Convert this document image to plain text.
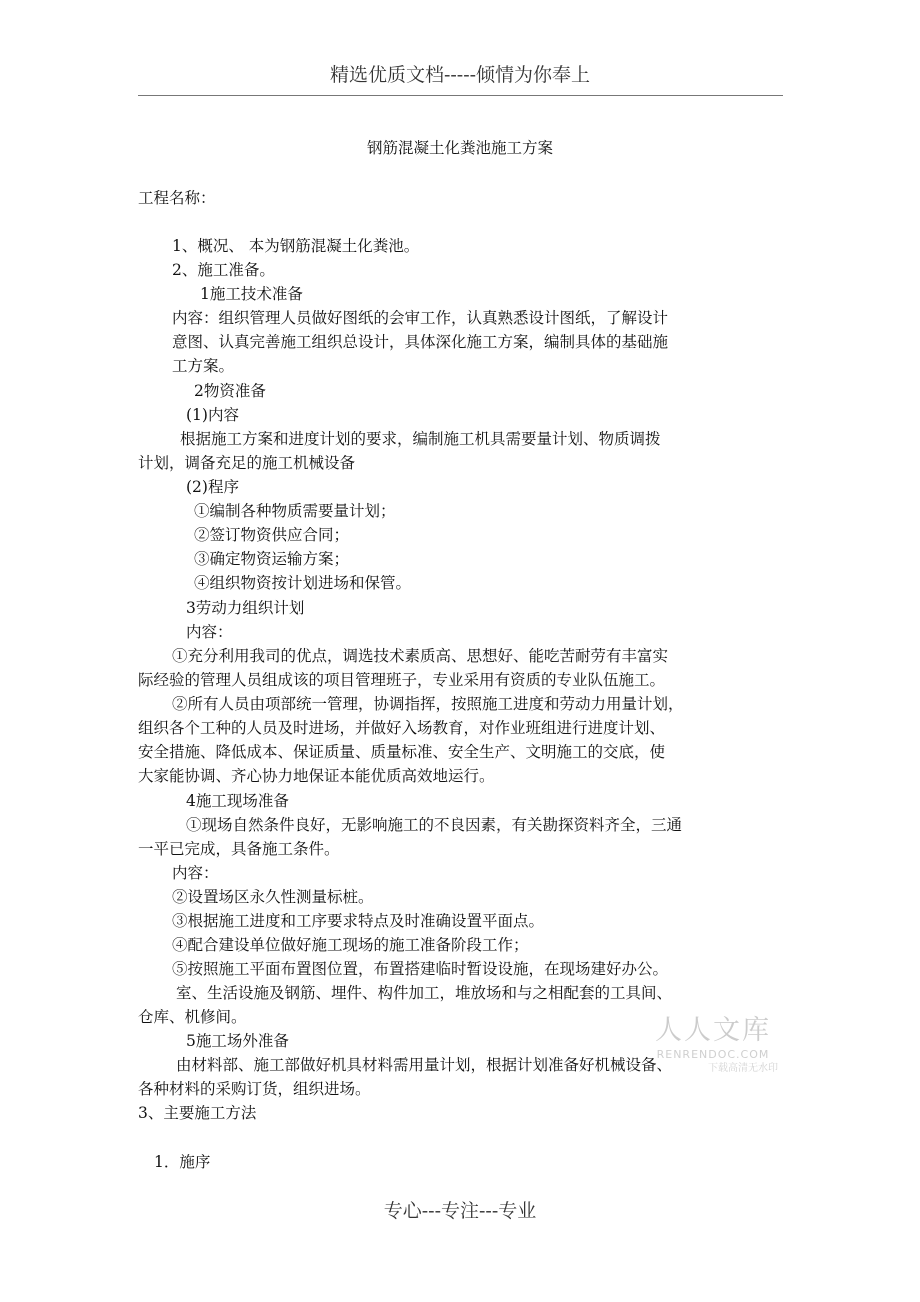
精选优质文档-----倾情为你奉上
钢筋混凝土化粪池施工方案
工程名称：
1、概况、 本为钢筋混凝土化粪池。
2、施工准备。
1施工技术准备
内容：组织管理人员做好图纸的会审工作，认真熟悉设计图纸，了解设计
意图、认真完善施工组织总设计，具体深化施工方案，编制具体的基础施
工方案。
2物资准备
(1)内容
根据施工方案和进度计划的要求，编制施工机具需要量计划、物质调拨
计划，调备充足的施工机械设备
(2)程序
①编制各种物质需要量计划；
②签订物资供应合同；
③确定物资运输方案；
④组织物资按计划进场和保管。
3劳动力组织计划
内容：
①充分利用我司的优点，调选技术素质高、思想好、能吃苦耐劳有丰富实
际经验的管理人员组成该的项目管理班子，专业采用有资质的专业队伍施工。
②所有人员由项部统一管理，协调指挥，按照施工进度和劳动力用量计划，
组织各个工种的人员及时进场，并做好入场教育，对作业班组进行进度计划、
安全措施、降低成本、保证质量、质量标准、安全生产、文明施工的交底，使
大家能协调、齐心协力地保证本能优质高效地运行。
4施工现场准备
①现场自然条件良好，无影响施工的不良因素，有关勘探资料齐全，三通
一平已完成，具备施工条件。
内容：
②设置场区永久性测量标桩。
③根据施工进度和工序要求特点及时准确设置平面点。
④配合建设单位做好施工现场的施工准备阶段工作；
⑤按照施工平面布置图位置，布置搭建临时暂设设施，在现场建好办公。
室、生活设施及钢筋、埋件、构件加工，堆放场和与之相配套的工具间、
仓库、机修间。
5施工场外准备
由材料部、施工部做好机具材料需用量计划，根据计划准备好机械设备、
各种材料的采购订货，组织进场。
3、主要施工方法
1．施序
人人文库
RENRENDOC.COM
下载高清无水印
专心---专注---专业
